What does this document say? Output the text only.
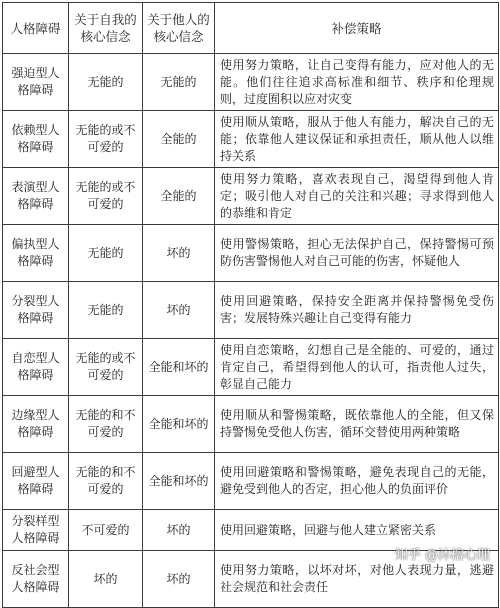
人格障碍	关于自我的核心信念	关于他人的核心信念	补偿策略
强迫型人格障碍	无能的	无能的	使用努力策略，让自己变得有能力，应对他人的无能。他们往往追求高标准和细节、秩序和伦理规则，过度囿积以应对灾变
依赖型人格障碍	无能的或不可爱的	全能的	使用顺从策略，服从于他人有能力，解决自己的无能；依靠他人建议保证和承担责任，顺从他人以维持关系
表演型人格障碍	无能的或不可爱的	全能的	使用努力策略，喜欢表现自己，渴望得到他人肯定；吸引他人对自己的关注和兴趣；寻求得到他人的恭维和肯定
偏执型人格障碍	无能的	坏的	使用警惕策略，担心无法保护自己，保持警惕可预防伤害警惕他人对自己可能的伤害，怀疑他人
分裂型人格障碍	无能的	坏的	使用回避策略，保持安全距离并保持警惕免受伤害；发展特殊兴趣让自己变得有能力
自恋型人格障碍	无能的或不可爱的	全能和坏的	使用自恋策略，幻想自己是全能的、可爱的，通过肯定自己，希望得到他人的认可，指责他人过失，彰显自己能力
边缘型人格障碍	无能的和不可爱的	全能和坏的	使用顺从和警惕策略，既依靠他人的全能，但又保持警惕免受他人伤害，循环交替使用两种策略
回避型人格障碍	无能的和不可爱的	全能和坏的	使用回避策略和警惕策略，避免表现自己的无能，避免受到他人的否定，担心他人的负面评价
分裂样型人格障碍	不可爱的	坏的	使用回避策略，回避与他人建立紧密关系
反社会型人格障碍	坏的	坏的	使用努力策略，以坏对坏，对他人表现力量，逃避社会规范和社会责任
知乎 @沐榕心理
